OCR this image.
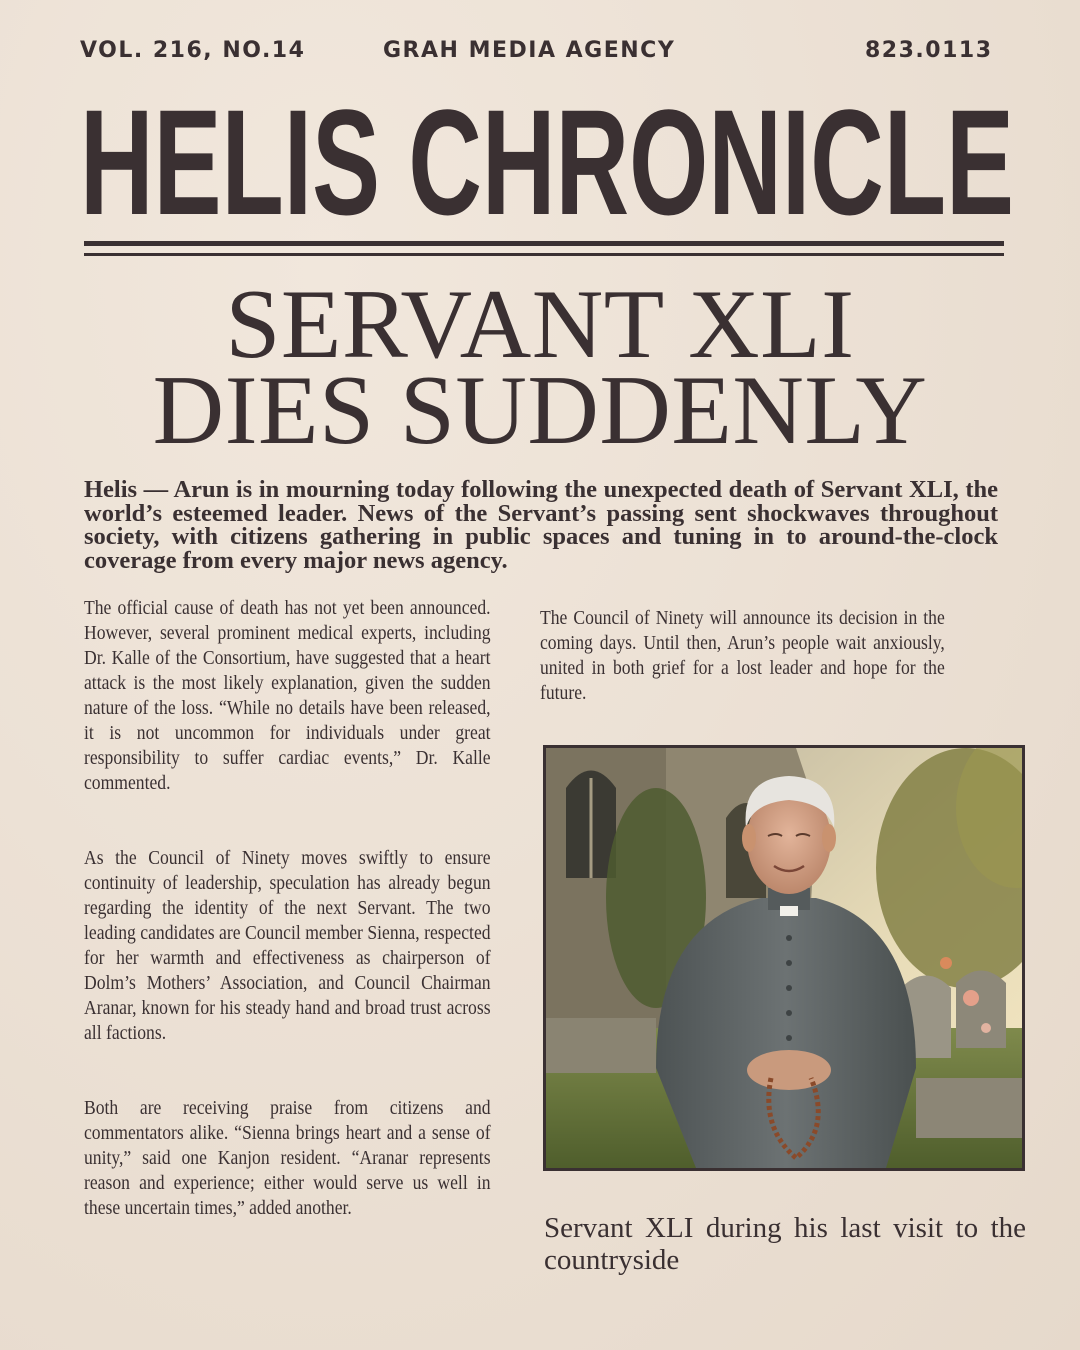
VOL. 216, NO.14	GRAH MEDIA AGENCY	823.0113
HELIS CHRONICLE
SERVANT XLI
DIES SUDDENLY
Helis — Arun is in mourning today following the unexpected death of Servant XLI, the world’s esteemed leader. News of the Servant’s passing sent shockwaves throughout society, with citizens gathering in public spaces and tuning in to around-the-clock coverage from every major news agency.

The official cause of death has not yet been announced. However, several prominent medical experts, including Dr. Kalle of the Consortium, have suggested that a heart attack is the most likely explanation, given the sudden nature of the loss. “While no details have been released, it is not uncommon for individuals under great responsibility to suffer cardiac events,” Dr. Kalle commented.

As the Council of Ninety moves swiftly to ensure continuity of leadership, speculation has already begun regarding the identity of the next Servant. The two leading candidates are Council member Sienna, respected for her warmth and effectiveness as chairperson of Dolm’s Mothers’ Association, and Council Chairman Aranar, known for his steady hand and broad trust across all factions.

Both are receiving praise from citizens and commentators alike. “Sienna brings heart and a sense of unity,” said one Kanjon resident. “Aranar represents reason and experience; either would serve us well in these uncertain times,” added another.

The Council of Ninety will announce its decision in the coming days. Until then, Arun’s people wait anxiously, united in both grief for a lost leader and hope for the future.

Servant XLI during his last visit to the countryside
